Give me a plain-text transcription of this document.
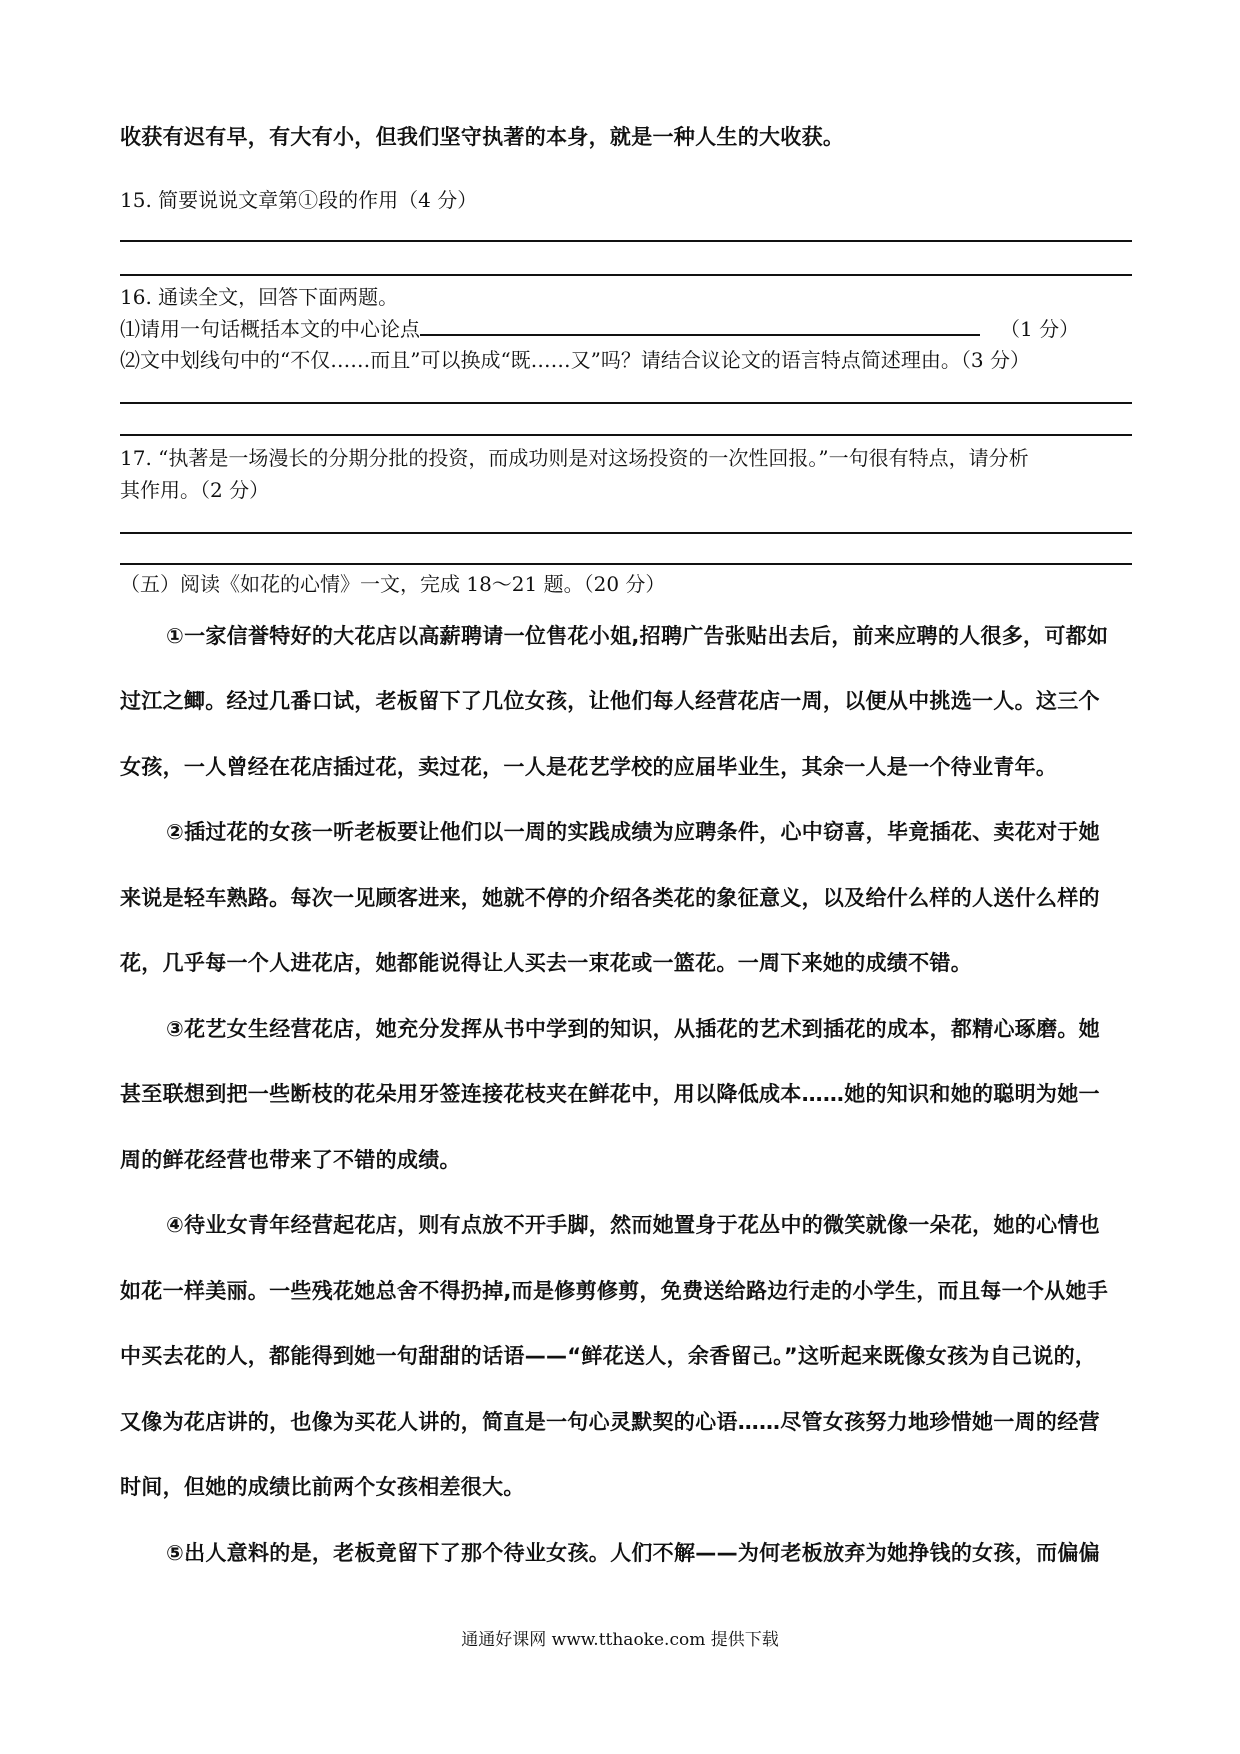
收获有迟有早，有大有小，但我们坚守执著的本身，就是一种人生的大收获。
15. 简要说说文章第①段的作用（4 分）
16. 通读全文，回答下面两题。
⑴请用一句话概括本文的中心论点	（1 分）
⑵文中划线句中的“不仅……而且”可以换成“既……又”吗？请结合议论文的语言特点简述理由。（3 分）
17. “执著是一场漫长的分期分批的投资，而成功则是对这场投资的一次性回报。”一句很有特点，请分析
其作用。（2 分）
（五）阅读《如花的心情》一文，完成 18～21 题。（20 分）
①一家信誉特好的大花店以高薪聘请一位售花小姐,招聘广告张贴出去后，前来应聘的人很多，可都如
过江之鲫。经过几番口试，老板留下了几位女孩，让他们每人经营花店一周，以便从中挑选一人。这三个
女孩，一人曾经在花店插过花，卖过花，一人是花艺学校的应届毕业生，其余一人是一个待业青年。
②插过花的女孩一听老板要让他们以一周的实践成绩为应聘条件，心中窃喜，毕竟插花、卖花对于她
来说是轻车熟路。每次一见顾客进来，她就不停的介绍各类花的象征意义，以及给什么样的人送什么样的
花，几乎每一个人进花店，她都能说得让人买去一束花或一篮花。一周下来她的成绩不错。
③花艺女生经营花店，她充分发挥从书中学到的知识，从插花的艺术到插花的成本，都精心琢磨。她
甚至联想到把一些断枝的花朵用牙签连接花枝夹在鲜花中，用以降低成本……她的知识和她的聪明为她一
周的鲜花经营也带来了不错的成绩。
④待业女青年经营起花店，则有点放不开手脚，然而她置身于花丛中的微笑就像一朵花，她的心情也
如花一样美丽。一些残花她总舍不得扔掉,而是修剪修剪，免费送给路边行走的小学生，而且每一个从她手
中买去花的人，都能得到她一句甜甜的话语——“鲜花送人，余香留己。”这听起来既像女孩为自己说的，
又像为花店讲的，也像为买花人讲的，简直是一句心灵默契的心语……尽管女孩努力地珍惜她一周的经营
时间，但她的成绩比前两个女孩相差很大。
⑤出人意料的是，老板竟留下了那个待业女孩。人们不解——为何老板放弃为她挣钱的女孩，而偏偏
通通好课网 www.tthaoke.com 提供下载
